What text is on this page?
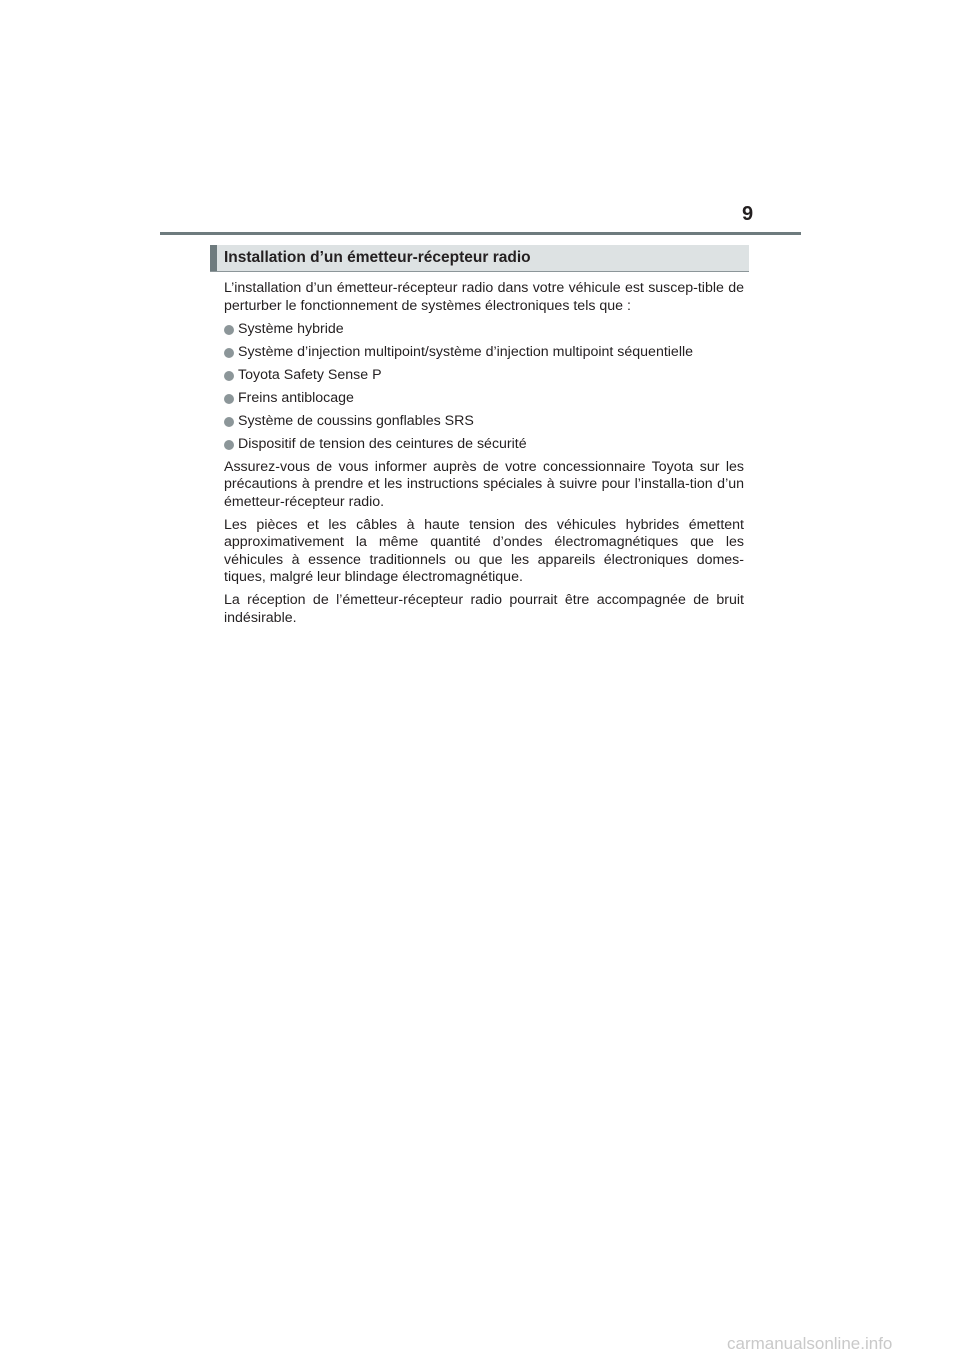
9
Installation d’un émetteur-récepteur radio

L’installation d’un émetteur-récepteur radio dans votre véhicule est suscep-tible de perturber le fonctionnement de systèmes électroniques tels que :

Système hybride
Système d’injection multipoint/système d’injection multipoint séquentielle
Toyota Safety Sense P
Freins antiblocage
Système de coussins gonflables SRS
Dispositif de tension des ceintures de sécurité

Assurez-vous de vous informer auprès de votre concessionnaire Toyota sur les précautions à prendre et les instructions spéciales à suivre pour l’installa-tion d’un émetteur-récepteur radio.

Les pièces et les câbles à haute tension des véhicules hybrides émettent approximativement la même quantité d’ondes électromagnétiques que les véhicules à essence traditionnels ou que les appareils électroniques domes-tiques, malgré leur blindage électromagnétique.

La réception de l’émetteur-récepteur radio pourrait être accompagnée de bruit indésirable.

carmanualsonline.info
